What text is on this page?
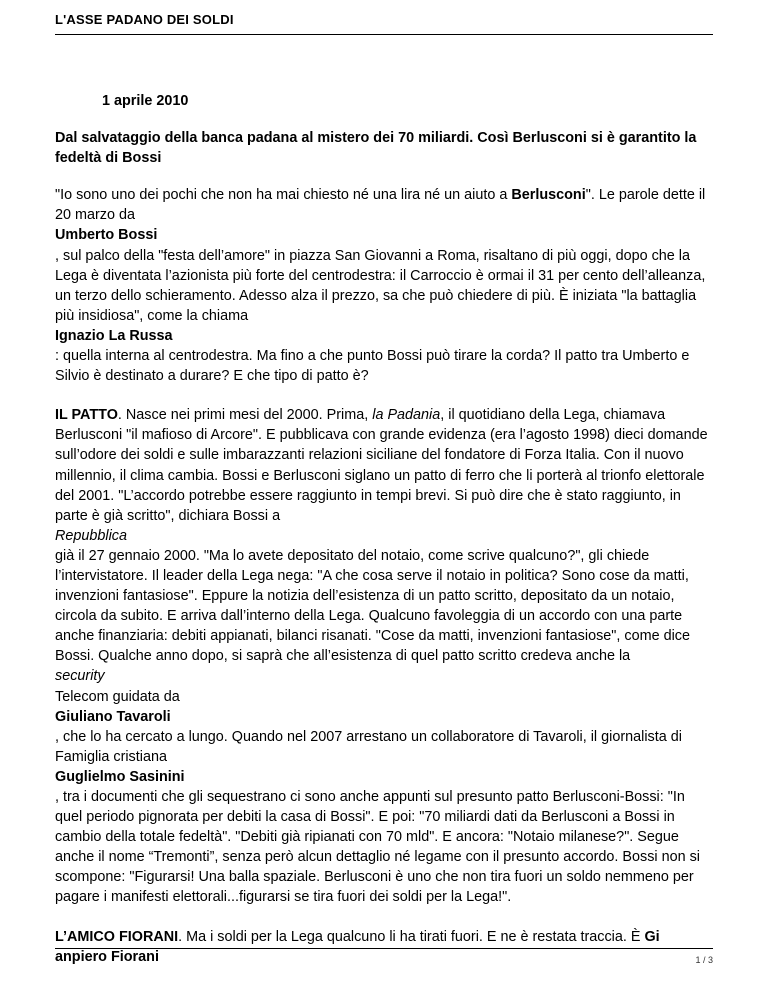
L'ASSE PADANO DEI SOLDI
1 aprile 2010
Dal salvataggio della banca padana al mistero dei 70 miliardi. Così Berlusconi si è garantito la fedeltà di Bossi
"Io sono uno dei pochi che non ha mai chiesto né una lira né un aiuto a Berlusconi". Le parole dette il 20 marzo da
Umberto Bossi
, sul palco della "festa dell’amore" in piazza San Giovanni a Roma, risaltano di più oggi, dopo che la Lega è diventata l’azionista più forte del centrodestra: il Carroccio è ormai il 31 per cento dell’alleanza, un terzo dello schieramento. Adesso alza il prezzo, sa che può chiedere di più. È iniziata "la battaglia più insidiosa", come la chiama
Ignazio La Russa
: quella interna al centrodestra. Ma fino a che punto Bossi può tirare la corda? Il patto tra Umberto e Silvio è destinato a durare? E che tipo di patto è?
IL PATTO. Nasce nei primi mesi del 2000. Prima, la Padania, il quotidiano della Lega, chiamava Berlusconi "il mafioso di Arcore". E pubblicava con grande evidenza (era l’agosto 1998) dieci domande sull’odore dei soldi e sulle imbarazzanti relazioni siciliane del fondatore di Forza Italia. Con il nuovo millennio, il clima cambia. Bossi e Berlusconi siglano un patto di ferro che li porterà al trionfo elettorale del 2001. "L’accordo potrebbe essere raggiunto in tempi brevi. Si può dire che è stato raggiunto, in parte è già scritto", dichiara Bossi a
Repubblica
già il 27 gennaio 2000. "Ma lo avete depositato del notaio, come scrive qualcuno?", gli chiede l’intervistatore. Il leader della Lega nega: "A che cosa serve il notaio in politica? Sono cose da matti, invenzioni fantasiose". Eppure la notizia dell’esistenza di un patto scritto, depositato da un notaio, circola da subito. E arriva dall’interno della Lega. Qualcuno favoleggia di un accordo con una parte anche finanziaria: debiti appianati, bilanci risanati. "Cose da matti, invenzioni fantasiose", come dice Bossi. Qualche anno dopo, si saprà che all’esistenza di quel patto scritto credeva anche la
security
Telecom guidata da
Giuliano Tavaroli
, che lo ha cercato a lungo. Quando nel 2007 arrestano un collaboratore di Tavaroli, il giornalista di Famiglia cristiana
Guglielmo Sasinini
, tra i documenti che gli sequestrano ci sono anche appunti sul presunto patto Berlusconi-Bossi: "In quel periodo pignorata per debiti la casa di Bossi". E poi: "70 miliardi dati da Berlusconi a Bossi in cambio della totale fedeltà". "Debiti già ripianati con 70 mld". E ancora: "Notaio milanese?". Segue anche il nome “Tremonti”, senza però alcun dettaglio né legame con il presunto accordo. Bossi non si scompone: "Figurarsi! Una balla spaziale. Berlusconi è uno che non tira fuori un soldo nemmeno per pagare i manifesti elettorali...figurarsi se tira fuori dei soldi per la Lega!".
L’AMICO FIORANI. Ma i soldi per la Lega qualcuno li ha tirati fuori. E ne è restata traccia. È Gi anpiero Fiorani	1 / 3
